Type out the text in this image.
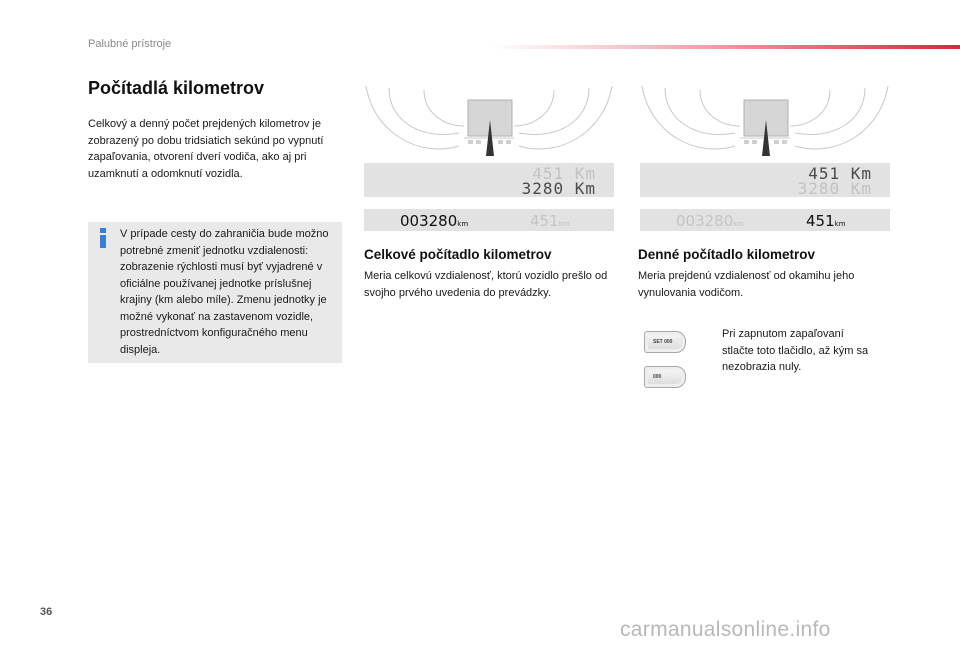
Palubné prístroje
Počítadlá kilometrov
Celkový a denný počet prejdených kilometrov je zobrazený po dobu tridsiatich sekúnd po vypnutí zapaľovania, otvorení dverí vodiča, ako aj pri uzamknutí a odomknutí vozidla.
V prípade cesty do zahraničia bude možno potrebné zmeniť jednotku vzdialenosti: zobrazenie rýchlosti musí byť vyjadrené v oficiálne používanej jednotke príslušnej krajiny (km alebo míle). Zmenu jednotky je možné vykonať na zastavenom vozidle, prostredníctvom konfiguračného menu displeja.
451 Km
3280 Km
003280km	451km
451 Km
3280 Km
003280km	451km
Celkové počítadlo kilometrov
Meria celkovú vzdialenosť, ktorú vozidlo prešlo od svojho prvého uvedenia do prevádzky.
Denné počítadlo kilometrov
Meria prejdenú vzdialenosť od okamihu jeho vynulovania vodičom.
SET 000
000
Pri zapnutom zapaľovaní stlačte toto tlačidlo, až kým sa nezobrazia nuly.
36
carmanualsonline.info
